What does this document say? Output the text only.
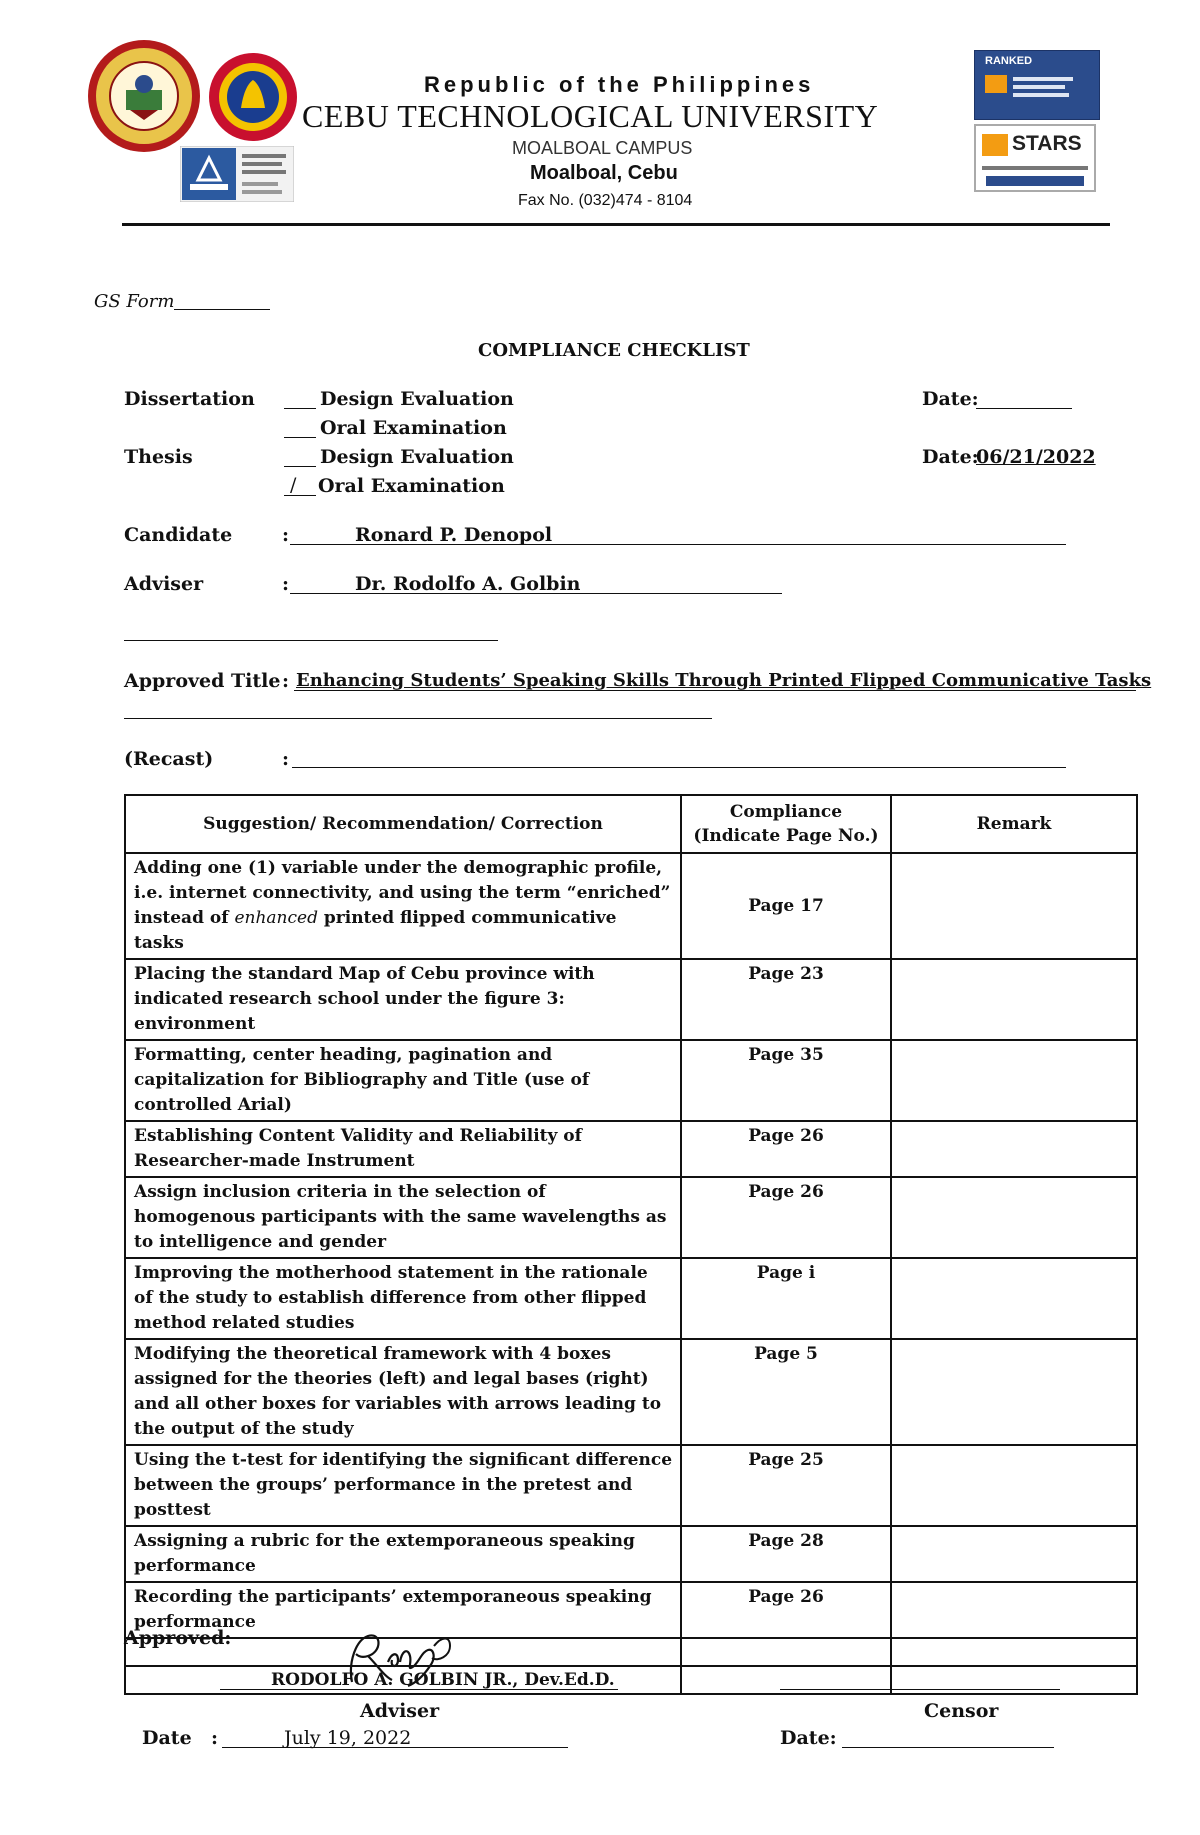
Republic of the Philippines
CEBU TECHNOLOGICAL UNIVERSITY
MOALBOAL CAMPUS
Moalboal, Cebu
Fax No. (032)474 - 8104
RANKED
STARS
GS Form
COMPLIANCE CHECKLIST
Dissertation	Design Evaluation
Oral Examination
Date:
Thesis	Design Evaluation
/ Oral Examination
Date:
06/21/2022
Candidate	:	Ronard P. Denopol
Adviser	:	Dr. Rodolfo A. Golbin
Approved Title : Enhancing Students’ Speaking Skills Through Printed Flipped Communicative Tasks
(Recast)	:
Suggestion/ Recommendation/ Correction	Compliance (Indicate Page No.)	Remark
Adding one (1) variable under the demographic profile, i.e. internet connectivity, and using the term “enriched” instead of enhanced printed flipped communicative tasks	Page 17	
Placing the standard Map of Cebu province with indicated research school under the figure 3: environment	Page 23	
Formatting, center heading, pagination and capitalization for Bibliography and Title (use of controlled Arial)	Page 35	
Establishing Content Validity and Reliability of Researcher-made Instrument	Page 26	
Assign inclusion criteria in the selection of homogenous participants with the same wavelengths as to intelligence and gender	Page 26	
Improving the motherhood statement in the rationale of the study to establish difference from other flipped method related studies	Page i	
Modifying the theoretical framework with 4 boxes assigned for the theories (left) and legal bases (right) and all other boxes for variables with arrows leading to the output of the study	Page 5	
Using the t-test for identifying the significant difference between the groups’ performance in the pretest and posttest	Page 25	
Assigning a rubric for the extemporaneous speaking performance	Page 28	
Recording the participants’ extemporaneous speaking performance	Page 26	

Approved:
RODOLFO A. GOLBIN JR., Dev.Ed.D.
Adviser	Censor
Date :	July 19, 2022	Date:
